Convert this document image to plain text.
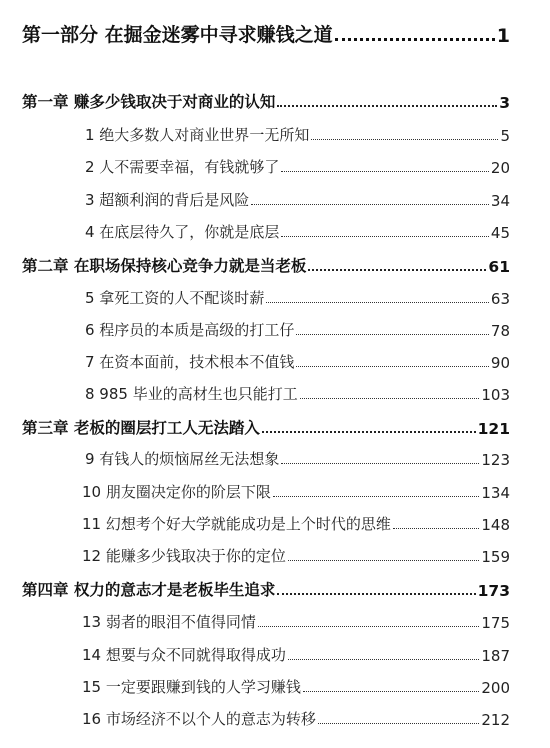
第一部分 在掘金迷雾中寻求赚钱之道	1
第一章 赚多少钱取决于对商业的认知	3
1 绝大多数人对商业世界一无所知	5
2 人不需要幸福，有钱就够了	20
3 超额利润的背后是风险	34
4 在底层待久了，你就是底层	45
第二章 在职场保持核心竞争力就是当老板	61
5 拿死工资的人不配谈时薪	63
6 程序员的本质是高级的打工仔	78
7 在资本面前，技术根本不值钱	90
8 985 毕业的高材生也只能打工	103
第三章 老板的圈层打工人无法踏入	121
9 有钱人的烦恼屌丝无法想象	123
10 朋友圈决定你的阶层下限	134
11 幻想考个好大学就能成功是上个时代的思维	148
12 能赚多少钱取决于你的定位	159
第四章 权力的意志才是老板毕生追求	173
13 弱者的眼泪不值得同情	175
14 想要与众不同就得取得成功	187
15 一定要跟赚到钱的人学习赚钱	200
16 市场经济不以个人的意志为转移	212
